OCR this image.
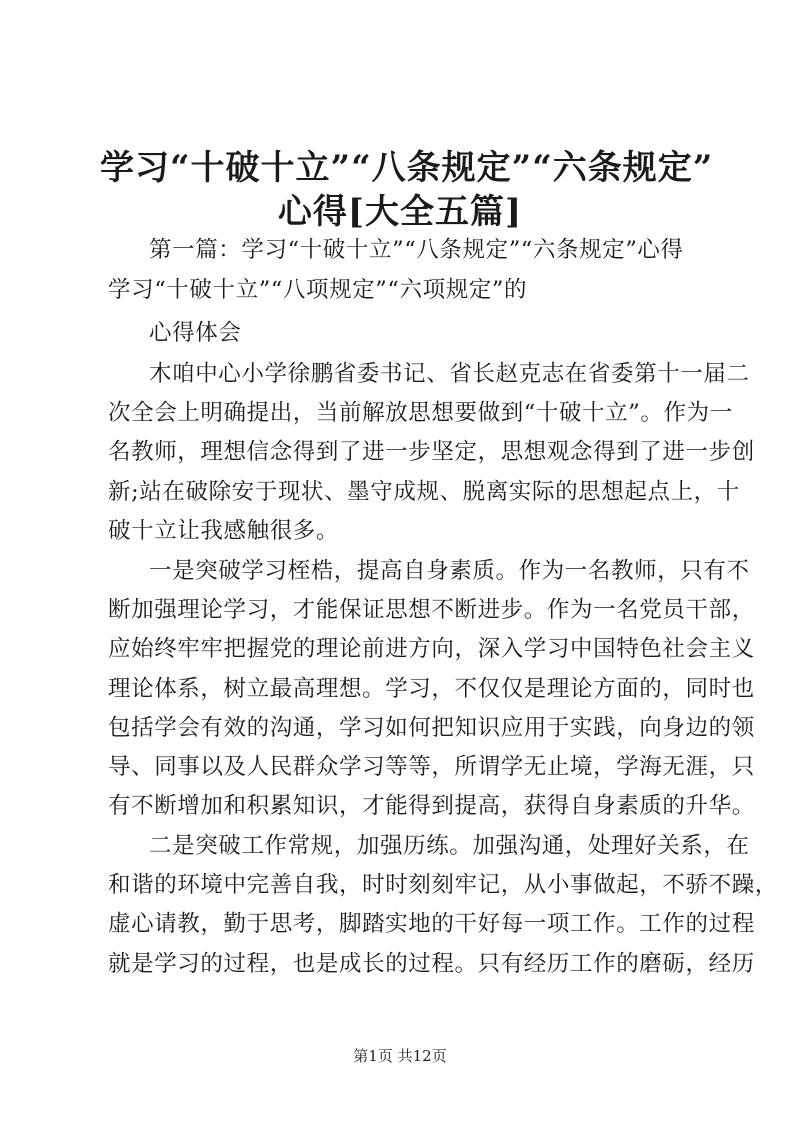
学习“十破十立”“八条规定”“六条规定”
心得[大全五篇]
第一篇：学习“十破十立”“八条规定”“六条规定”心得
学习“十破十立”“八项规定”“六项规定”的
心得体会
木咱中心小学徐鹏省委书记、省长赵克志在省委第十一届二
次全会上明确提出，当前解放思想要做到“十破十立”。作为一
名教师，理想信念得到了进一步坚定，思想观念得到了进一步创
新;站在破除安于现状、墨守成规、脱离实际的思想起点上，十
破十立让我感触很多。
一是突破学习桎梏，提高自身素质。作为一名教师，只有不
断加强理论学习，才能保证思想不断进步。作为一名党员干部，
应始终牢牢把握党的理论前进方向，深入学习中国特色社会主义
理论体系，树立最高理想。学习，不仅仅是理论方面的，同时也
包括学会有效的沟通，学习如何把知识应用于实践，向身边的领
导、同事以及人民群众学习等等，所谓学无止境，学海无涯，只
有不断增加和积累知识，才能得到提高，获得自身素质的升华。
二是突破工作常规，加强历练。加强沟通，处理好关系，在
和谐的环境中完善自我，时时刻刻牢记，从小事做起，不骄不躁，
虚心请教，勤于思考，脚踏实地的干好每一项工作。工作的过程
就是学习的过程，也是成长的过程。只有经历工作的磨砺，经历
第1页 共12页
